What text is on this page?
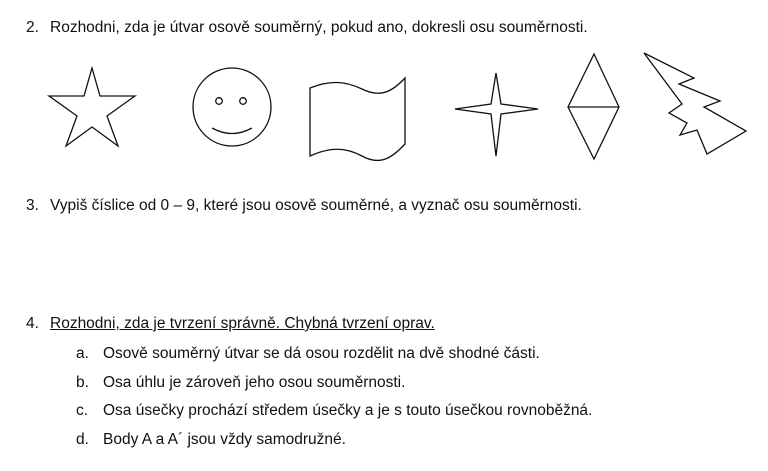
2. Rozhodni, zda je útvar osově souměrný, pokud ano, dokresli osu souměrnosti.
3. Vypiš číslice od 0 – 9, které jsou osově souměrné, a vyznač osu souměrnosti.
4. Rozhodni, zda je tvrzení správně. Chybná tvrzení oprav.
a. Osově souměrný útvar se dá osou rozdělit na dvě shodné části.
b. Osa úhlu je zároveň jeho osou souměrnosti.
c. Osa úsečky prochází středem úsečky a je s touto úsečkou rovnoběžná.
d. Body A a A´ jsou vždy samodružné.
